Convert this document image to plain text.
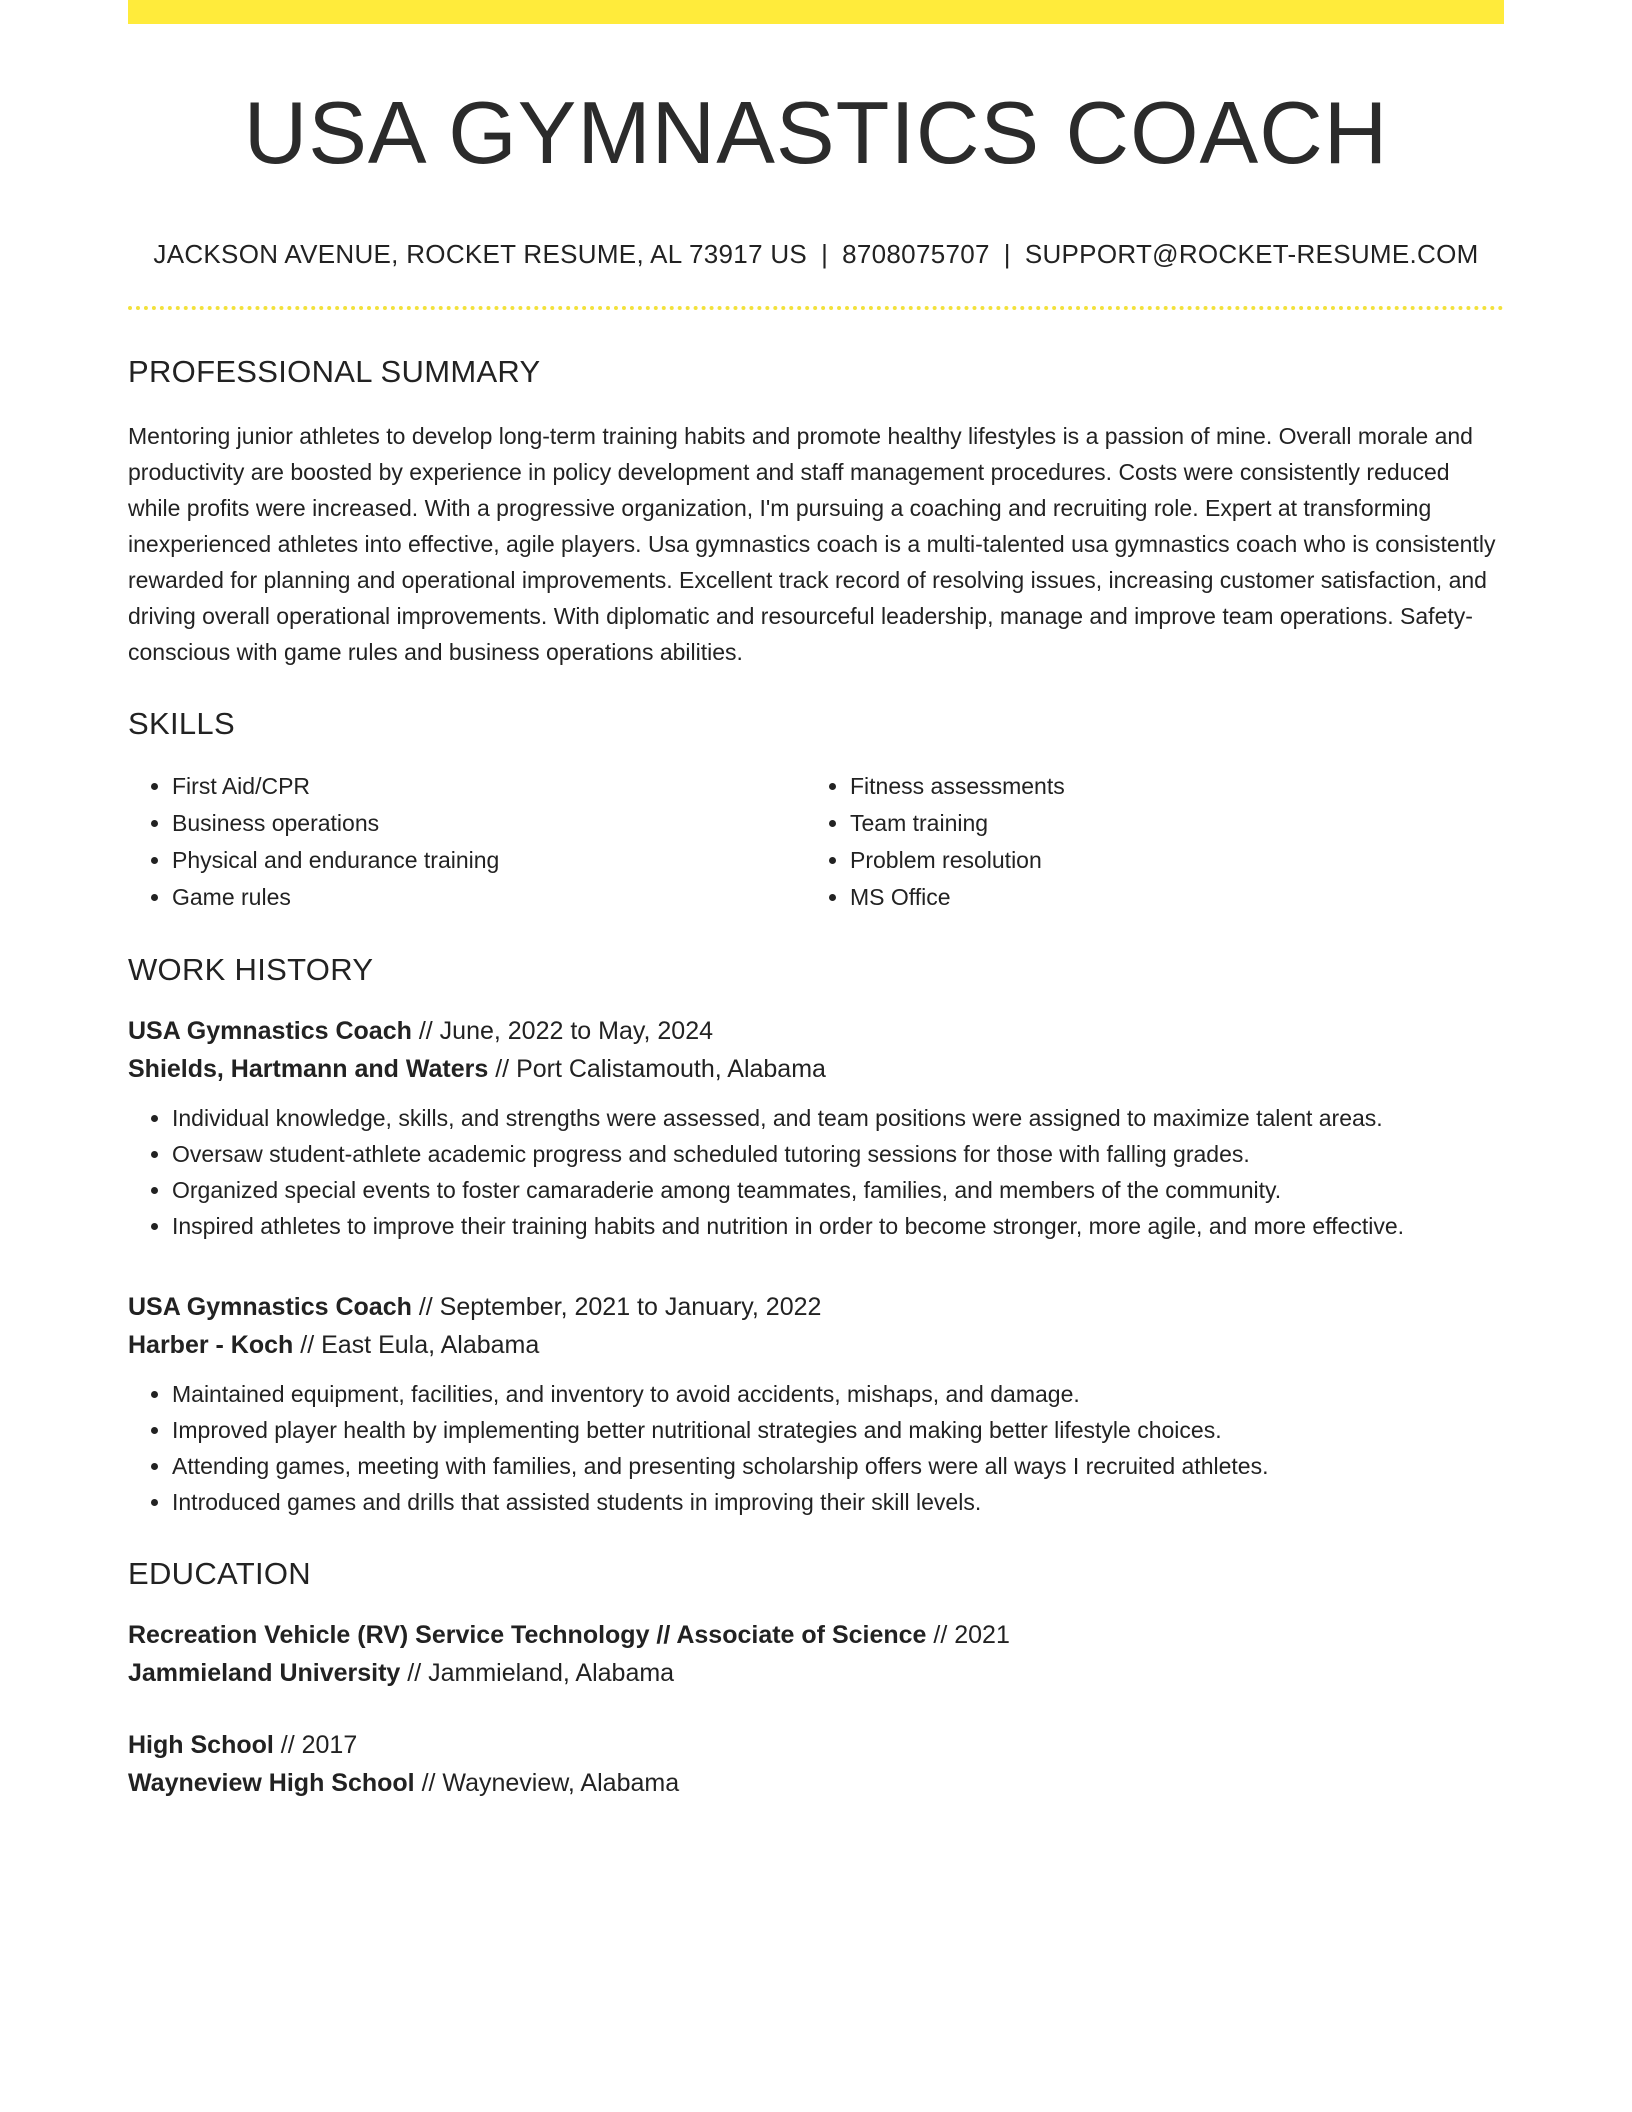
USA GYMNASTICS COACH
JACKSON AVENUE, ROCKET RESUME, AL 73917 US | 8708075707 | SUPPORT@ROCKET-RESUME.COM
PROFESSIONAL SUMMARY

Mentoring junior athletes to develop long-term training habits and promote healthy lifestyles is a passion of mine. Overall morale and productivity are boosted by experience in policy development and staff management procedures. Costs were consistently reduced while profits were increased. With a progressive organization, I'm pursuing a coaching and recruiting role. Expert at transforming inexperienced athletes into effective, agile players. Usa gymnastics coach is a multi-talented usa gymnastics coach who is consistently rewarded for planning and operational improvements. Excellent track record of resolving issues, increasing customer satisfaction, and driving overall operational improvements. With diplomatic and resourceful leadership, manage and improve team operations. Safety-conscious with game rules and business operations abilities.

SKILLS
• First Aid/CPR
• Business operations
• Physical and endurance training
• Game rules
• Fitness assessments
• Team training
• Problem resolution
• MS Office
WORK HISTORY
USA Gymnastics Coach // June, 2022 to May, 2024
Shields, Hartmann and Waters // Port Calistamouth, Alabama
• Individual knowledge, skills, and strengths were assessed, and team positions were assigned to maximize talent areas.
• Oversaw student-athlete academic progress and scheduled tutoring sessions for those with falling grades.
• Organized special events to foster camaraderie among teammates, families, and members of the community.
• Inspired athletes to improve their training habits and nutrition in order to become stronger, more agile, and more effective.
USA Gymnastics Coach // September, 2021 to January, 2022
Harber - Koch // East Eula, Alabama
• Maintained equipment, facilities, and inventory to avoid accidents, mishaps, and damage.
• Improved player health by implementing better nutritional strategies and making better lifestyle choices.
• Attending games, meeting with families, and presenting scholarship offers were all ways I recruited athletes.
• Introduced games and drills that assisted students in improving their skill levels.
EDUCATION
Recreation Vehicle (RV) Service Technology // Associate of Science // 2021
Jammieland University // Jammieland, Alabama
High School // 2017
Wayneview High School // Wayneview, Alabama
